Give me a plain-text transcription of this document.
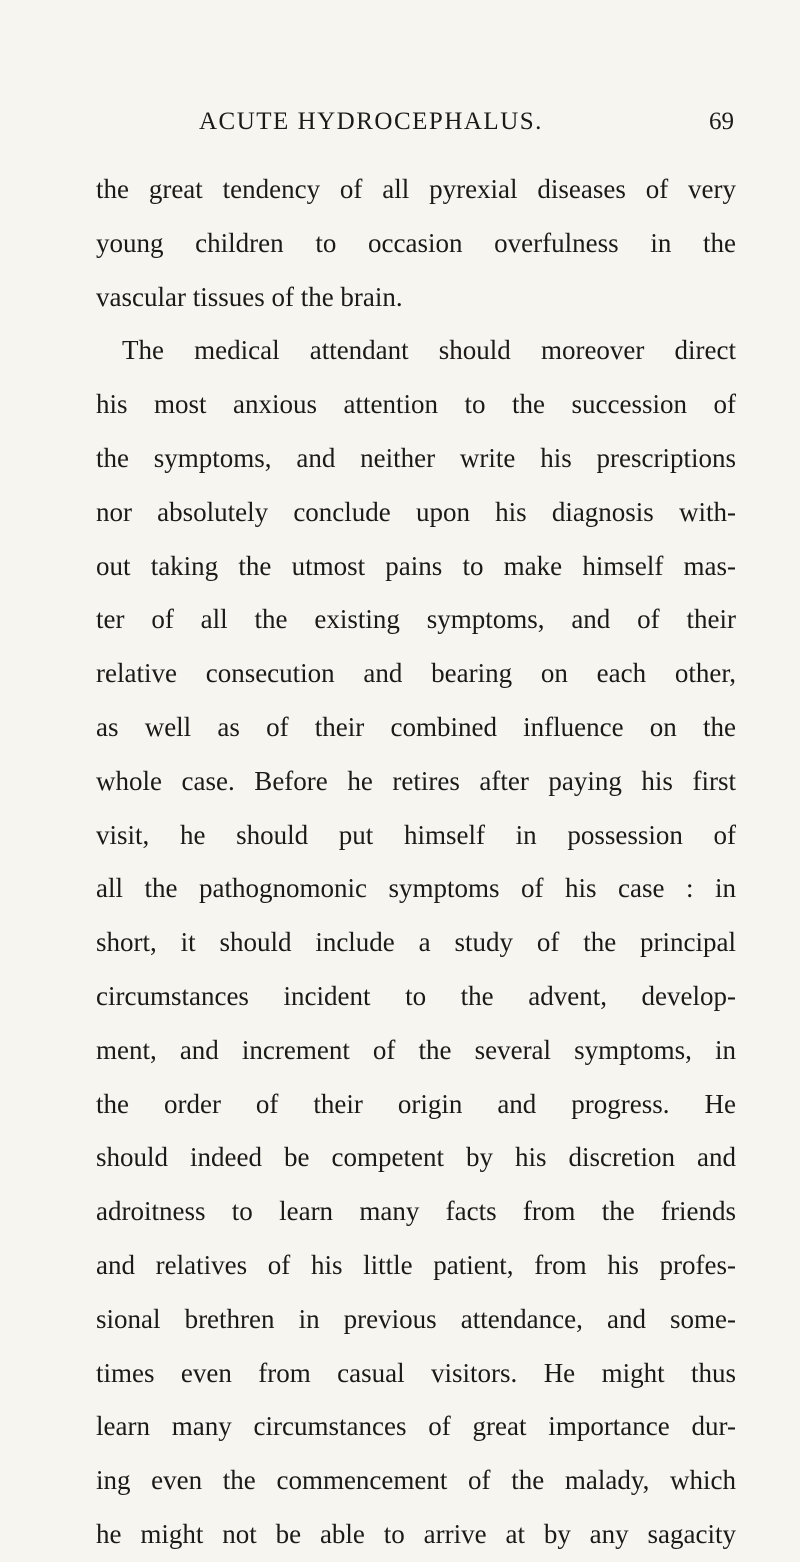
ACUTE HYDROCEPHALUS.	69
the great tendency of all pyrexial diseases of very
young children to occasion overfulness in the
vascular tissues of the brain.
The medical attendant should moreover direct
his most anxious attention to the succession of
the symptoms, and neither write his prescriptions
nor absolutely conclude upon his diagnosis with-
out taking the utmost pains to make himself mas-
ter of all the existing symptoms, and of their
relative consecution and bearing on each other,
as well as of their combined influence on the
whole case. Before he retires after paying his first
visit, he should put himself in possession of
all the pathognomonic symptoms of his case : in
short, it should include a study of the principal
circumstances incident to the advent, develop-
ment, and increment of the several symptoms, in
the order of their origin and progress. He
should indeed be competent by his discretion and
adroitness to learn many facts from the friends
and relatives of his little patient, from his profes-
sional brethren in previous attendance, and some-
times even from casual visitors. He might thus
learn many circumstances of great importance dur-
ing even the commencement of the malady, which
he might not be able to arrive at by any sagacity
